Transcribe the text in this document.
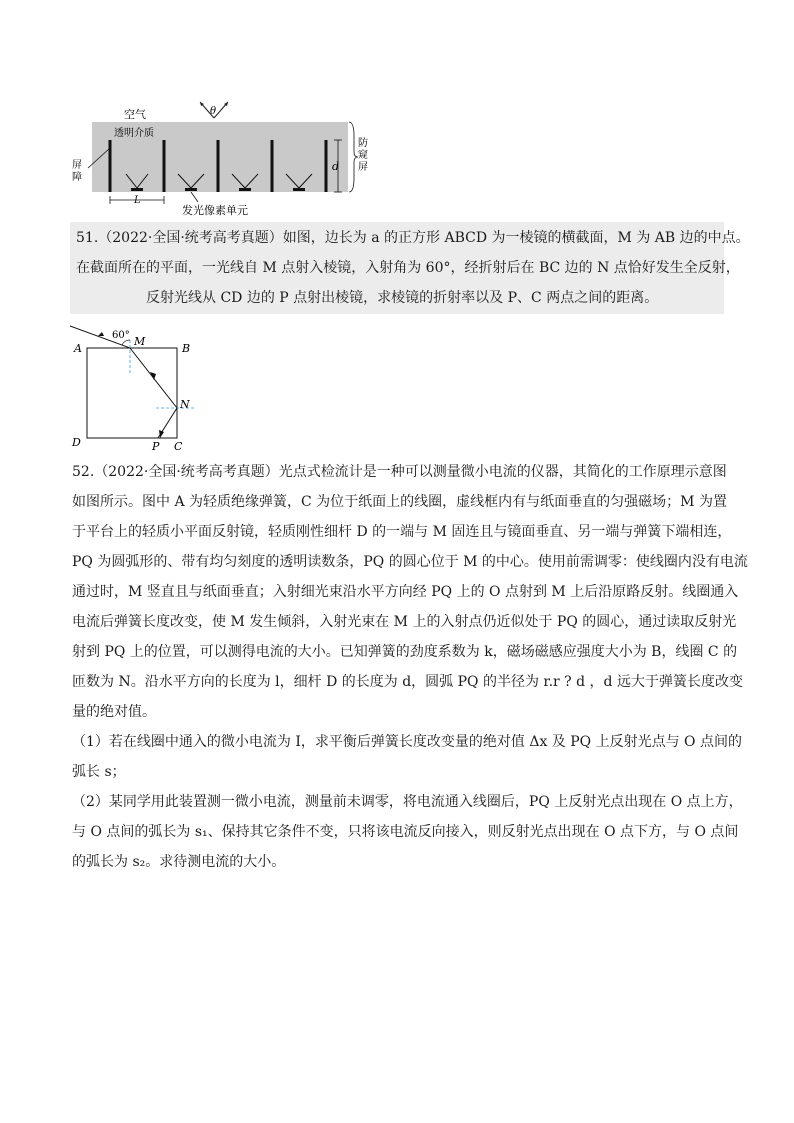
θ
空气
透明介质
屏
障
d
防
窥
屏
L
发光像素单元
51.（2022·全国·统考高考真题）如图，边长为 a 的正方形 ABCD 为一棱镜的横截面，M 为 AB 边的中点。
在截面所在的平面，一光线自 M 点射入棱镜，入射角为 60°，经折射后在 BC 边的 N 点恰好发生全反射，
反射光线从 CD 边的 P 点射出棱镜，求棱镜的折射率以及 P、C 两点之间的距离。
60°
A	B
C
D
M
N
P
52.（2022·全国·统考高考真题）光点式检流计是一种可以测量微小电流的仪器，其简化的工作原理示意图
如图所示。图中 A 为轻质绝缘弹簧，C 为位于纸面上的线圈，虚线框内有与纸面垂直的匀强磁场；M 为置
于平台上的轻质小平面反射镜，轻质刚性细杆 D 的一端与 M 固连且与镜面垂直、另一端与弹簧下端相连，
PQ 为圆弧形的、带有均匀刻度的透明读数条，PQ 的圆心位于 M 的中心。使用前需调零：使线圈内没有电流
通过时，M 竖直且与纸面垂直；入射细光束沿水平方向经 PQ 上的 O 点射到 M 上后沿原路反射。线圈通入
电流后弹簧长度改变，使 M 发生倾斜，入射光束在 M 上的入射点仍近似处于 PQ 的圆心，通过读取反射光
射到 PQ 上的位置，可以测得电流的大小。已知弹簧的劲度系数为 k，磁场磁感应强度大小为 B，线圈 C 的
匝数为 N。沿水平方向的长度为 l，细杆 D 的长度为 d，圆弧 PQ 的半径为 r.r ? d ，d 远大于弹簧长度改变
量的绝对值。
（1）若在线圈中通入的微小电流为 I，求平衡后弹簧长度改变量的绝对值 Δx 及 PQ 上反射光点与 O 点间的
弧长 s；
（2）某同学用此装置测一微小电流，测量前未调零，将电流通入线圈后，PQ 上反射光点出现在 O 点上方，
与 O 点间的弧长为 s₁、保持其它条件不变，只将该电流反向接入，则反射光点出现在 O 点下方，与 O 点间
的弧长为 s₂。求待测电流的大小。
